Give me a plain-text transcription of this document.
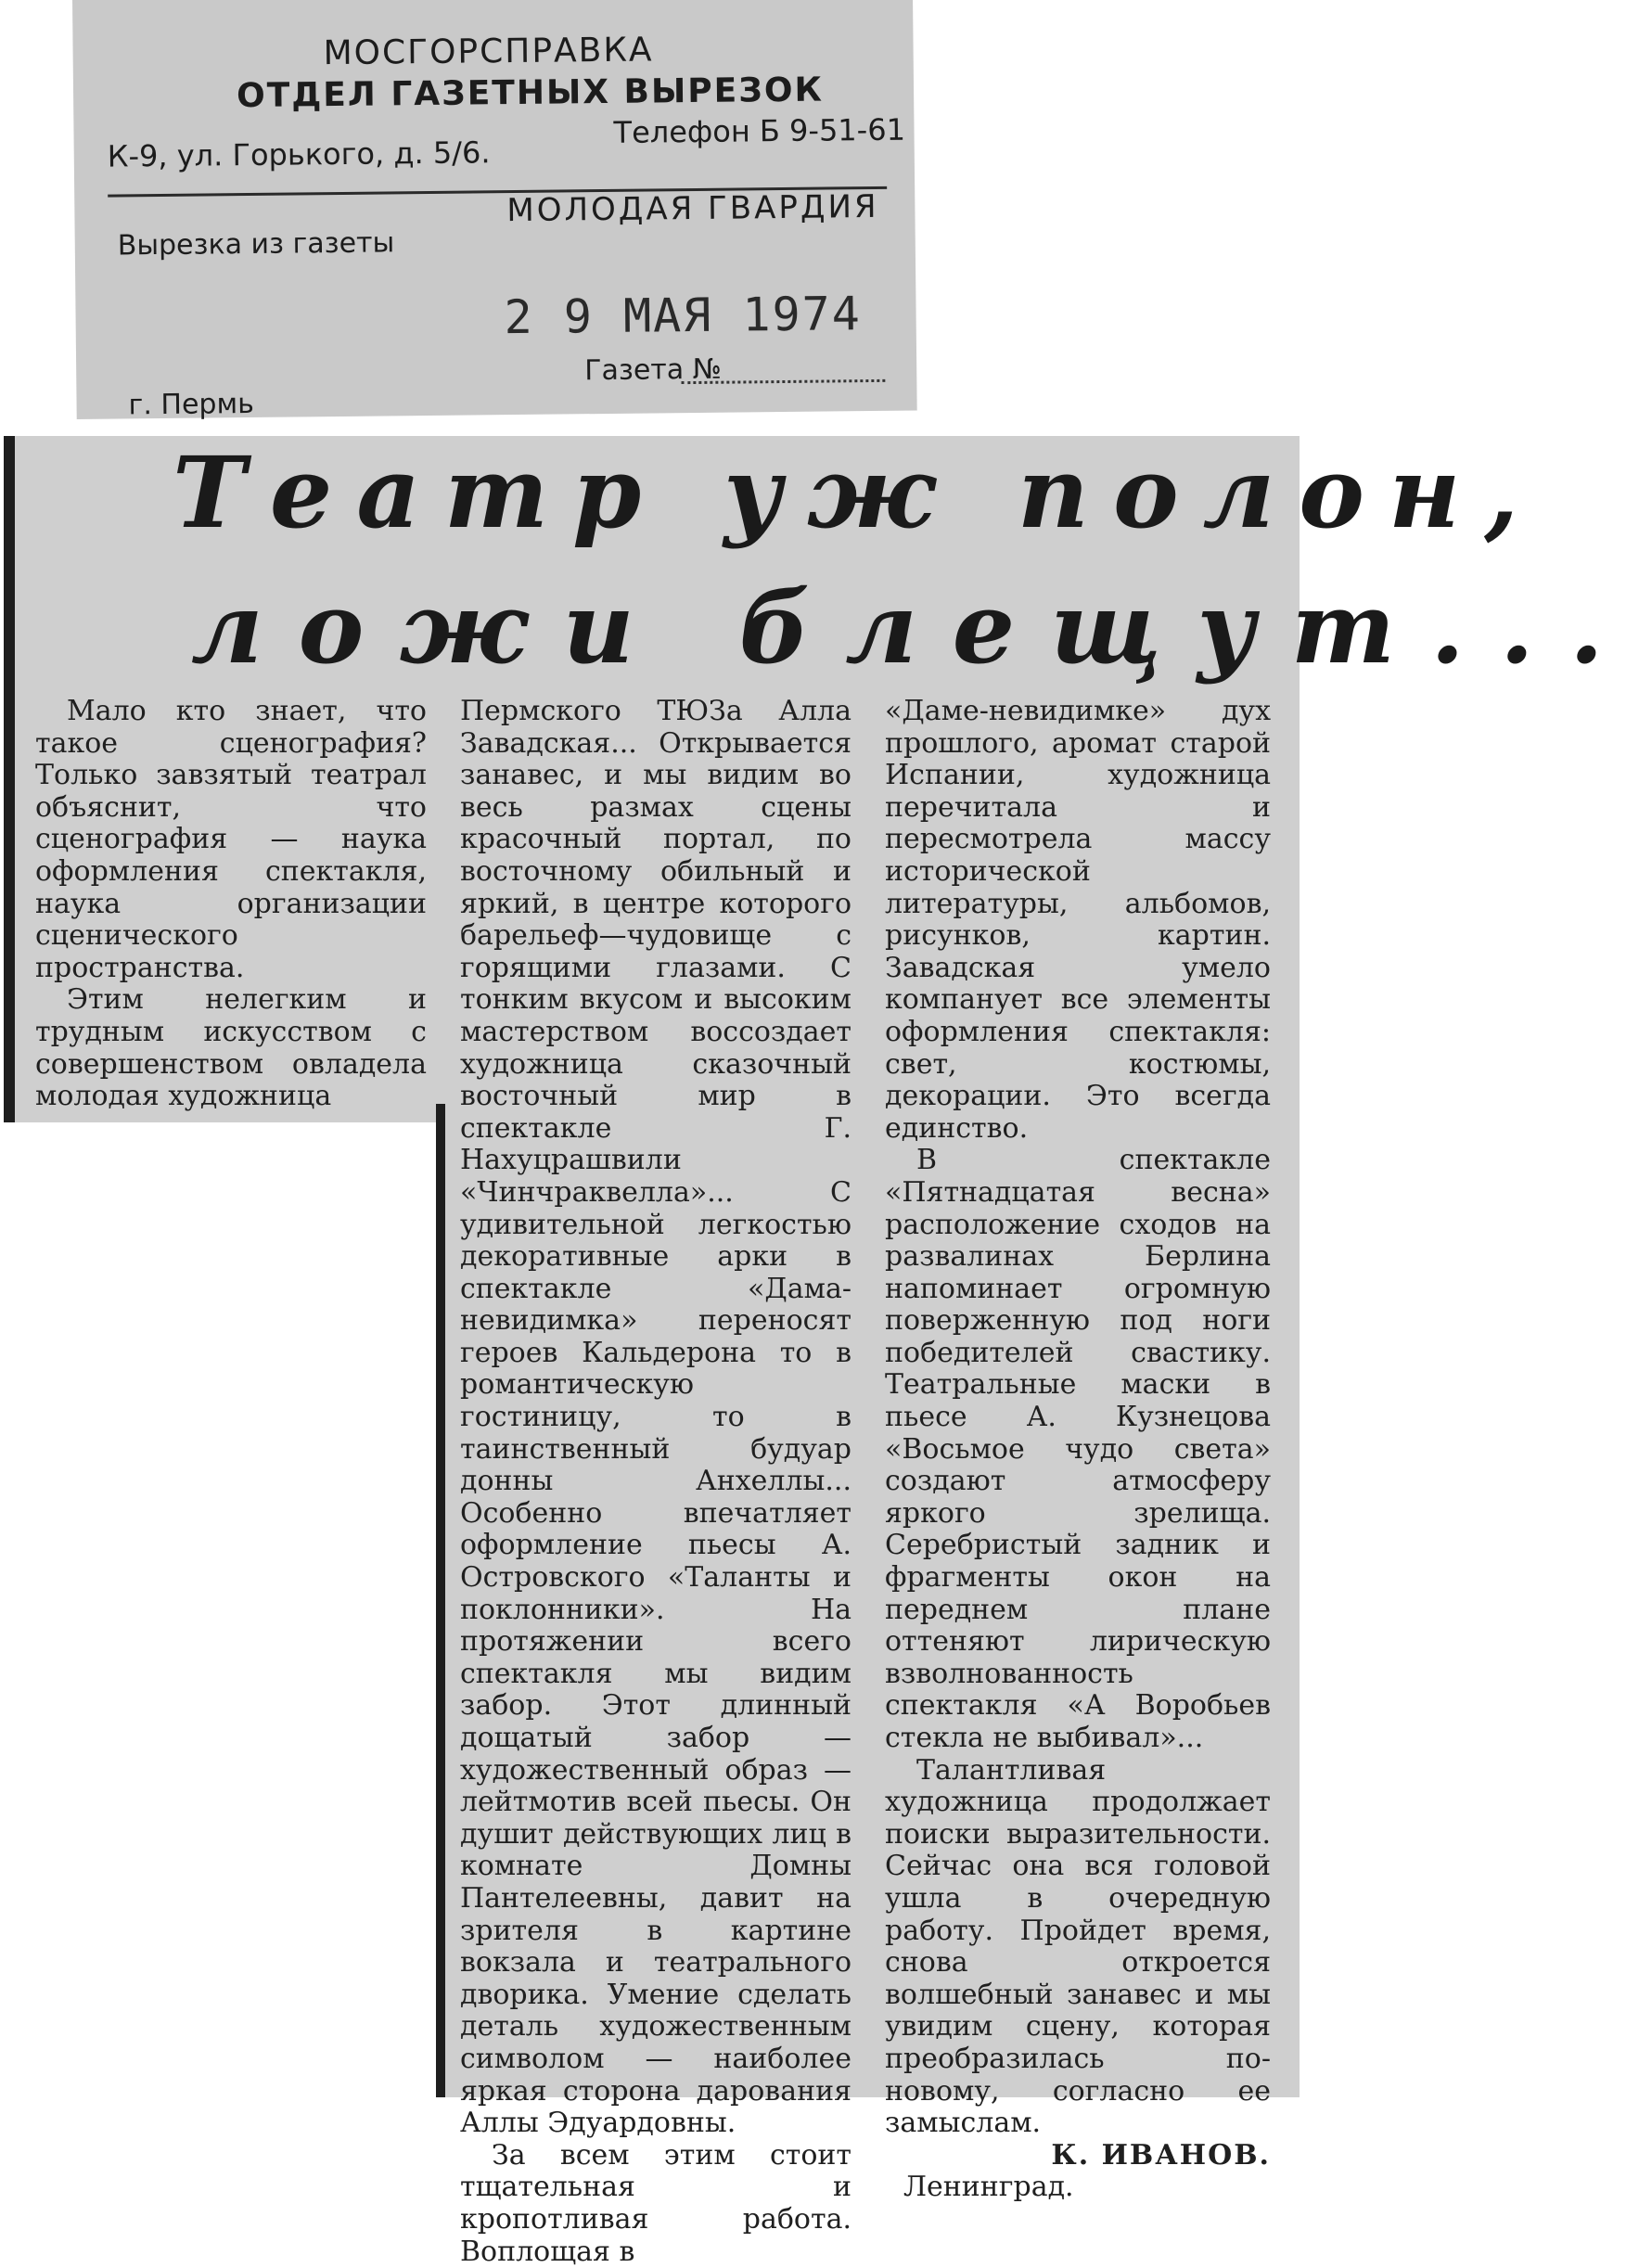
МОСГОРСПРАВКА
ОТДЕЛ ГАЗЕТНЫХ ВЫРЕЗОК
К-9, ул. Горького, д. 5/6.
Телефон Б 9-51-61
Вырезка из газеты
МОЛОДАЯ ГВАРДИЯ
2 9 МАЯ 1974
Газета №
г. Пермь
Театр уж полон,
ложи блещут...

Мало кто знает, что такое сценография? Только завзятый театрал объяснит, что сценография — наука оформления спектакля, наука организации сценического пространства.

Этим нелегким и трудным искусством с совершенством овладела молодая художница

Пермского ТЮЗа Алла Завадская... Открывается занавес, и мы видим во весь размах сцены красочный портал, по восточному обильный и яркий, в центре которого барельеф—чудовище с горящими глазами. С тонким вкусом и высоким мастерством воссоздает художница сказочный восточный мир в спектакле Г. Нахуцрашвили «Чинчраквелла»... С удивительной легкостью декоративные арки в спектакле «Дама-невидимка» переносят героев Кальдерона то в романтическую гостиницу, то в таинственный будуар донны Анхеллы... Особенно впечатляет оформление пьесы А. Островского «Таланты и поклонники». На протяжении всего спектакля мы видим забор. Этот длинный дощатый забор — художественный образ — лейтмотив всей пьесы. Он душит действующих лиц в комнате Домны Пантелеевны, давит на зрителя в картине вокзала и театрального дворика. Умение сделать деталь художественным символом — наиболее яркая сторона дарования Аллы Эдуардовны.

За всем этим стоит тщательная и кропотливая работа. Воплощая в

«Даме-невидимке» дух прошлого, аромат старой Испании, художница перечитала и пересмотрела массу исторической литературы, альбомов, рисунков, картин. Завадская умело компанует все элементы оформления спектакля: свет, костюмы, декорации. Это всегда единство.

В спектакле «Пятнадцатая весна» расположение сходов на развалинах Берлина напоминает огромную поверженную под ноги победителей свастику. Театральные маски в пьесе А. Кузнецова «Восьмое чудо света» создают атмосферу яркого зрелища. Серебристый задник и фрагменты окон на переднем плане оттеняют лирическую взволнованность спектакля «А Воробьев стекла не выбивал»...

Талантливая художница продолжает поиски выразительности. Сейчас она вся головой ушла в очередную работу. Пройдет время, снова откроется волшебный занавес и мы увидим сцену, которая преобразилась по-новому, согласно ее замыслам.

К. ИВАНОВ.

Ленинград.
